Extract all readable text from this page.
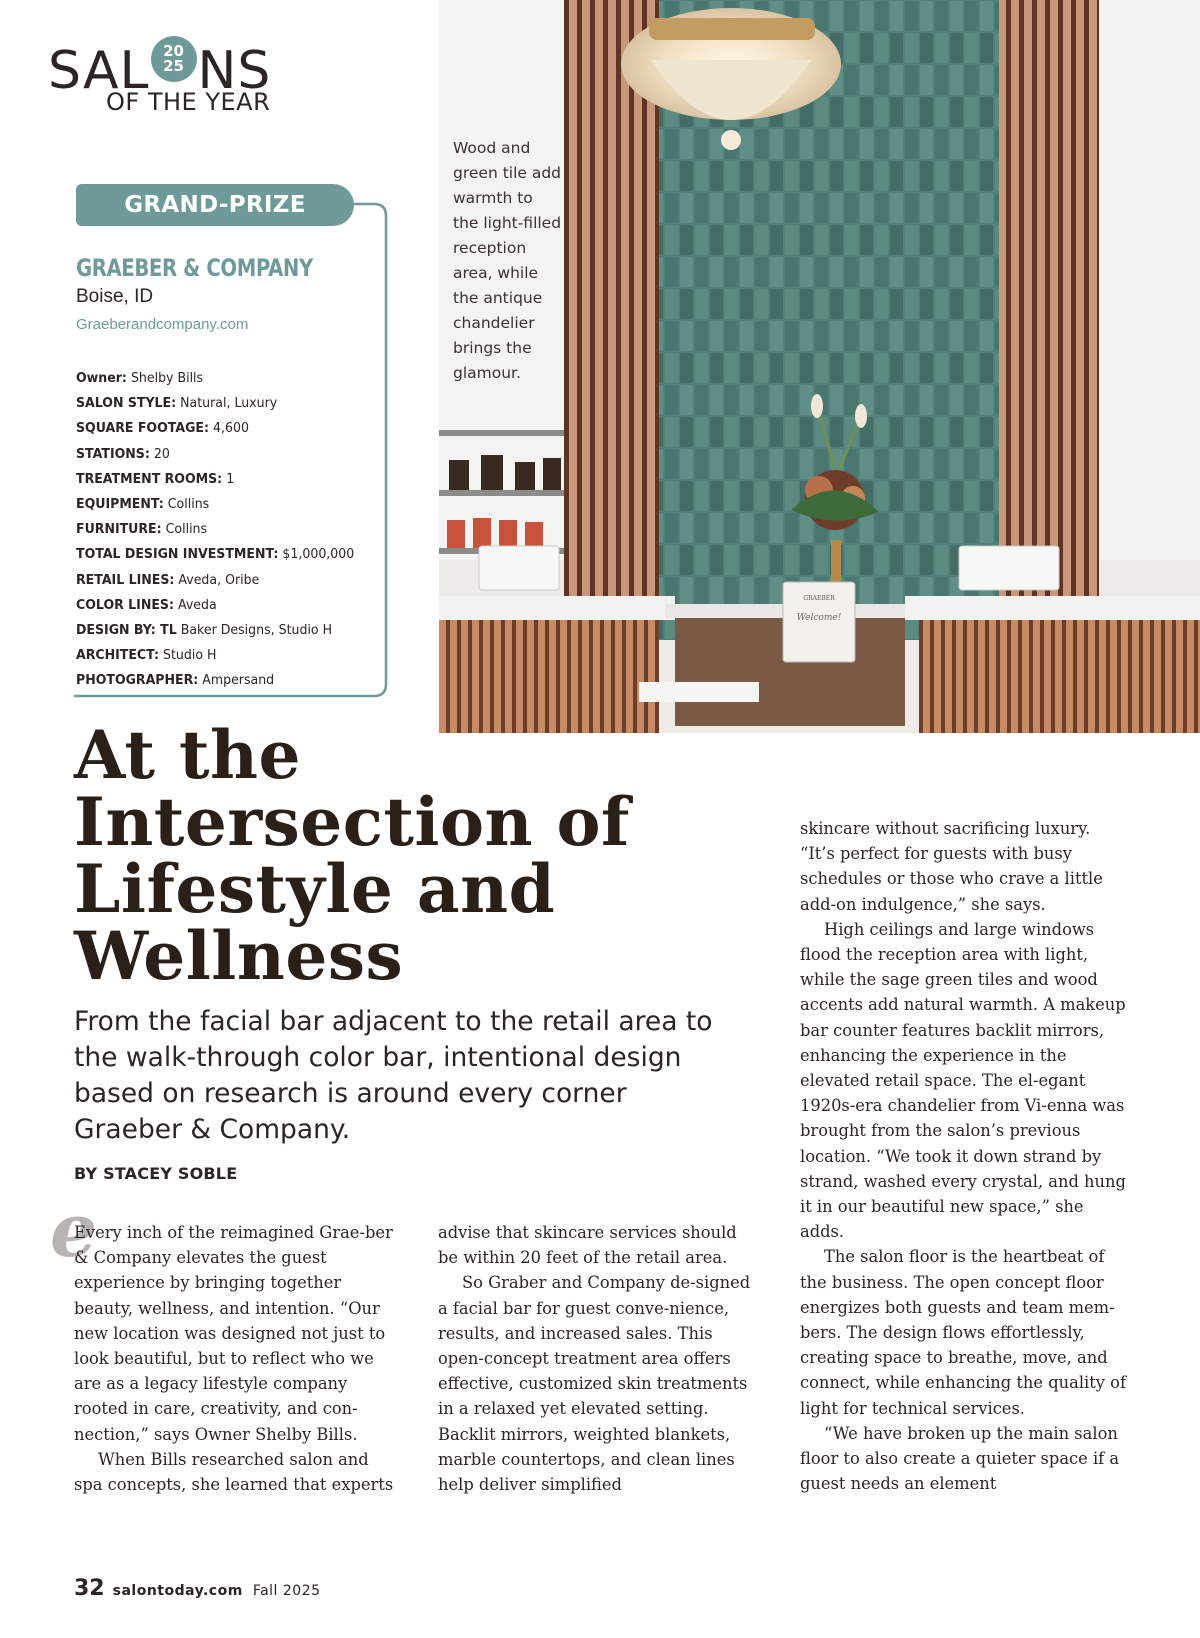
SAL 20
25 NS
OF THE YEAR
GRAND-PRIZE WINNER
GRAEBER & COMPANY
Boise, ID
Graeberandcompany.com
Owner: Shelby Bills
SALON STYLE: Natural, Luxury
SQUARE FOOTAGE: 4,600
STATIONS: 20
TREATMENT ROOMS: 1
EQUIPMENT: Collins
FURNITURE: Collins
TOTAL DESIGN INVESTMENT: $1,000,000
RETAIL LINES: Aveda, Oribe
COLOR LINES: Aveda
DESIGN BY: TL Baker Designs, Studio H
ARCHITECT: Studio H
PHOTOGRAPHER: Ampersand
GRAEBER
Welcome!
Wood and green tile add warmth to the light-filled reception area, while the antique chandelier brings the glamour.
At the Intersection of Lifestyle and Wellness

From the facial bar adjacent to the retail area to the walk-through color bar, intentional design based on research is around every corner Graeber & Company.

BY STACEY SOBLE
e

Every inch of the reimagined Grae-ber & Company elevates the guest experience by bringing together beauty, wellness, and intention. “Our new location was designed not just to look beautiful, but to reflect who we are as a legacy lifestyle company rooted in care, creativity, and con-nection,” says Owner Shelby Bills.

When Bills researched salon and spa concepts, she learned that experts

advise that skincare services should be within 20 feet of the retail area.

So Graber and Company de-signed a facial bar for guest conve-nience, results, and increased sales. This open-concept treatment area offers effective, customized skin treatments in a relaxed yet elevated setting. Backlit mirrors, weighted blankets, marble countertops, and clean lines help deliver simplified

skincare without sacrificing luxury. “It’s perfect for guests with busy schedules or those who crave a little add-on indulgence,” she says.

High ceilings and large windows flood the reception area with light, while the sage green tiles and wood accents add natural warmth. A makeup bar counter features backlit mirrors, enhancing the experience in the elevated retail space. The el-egant 1920s-era chandelier from Vi-enna was brought from the salon’s previous location. “We took it down strand by strand, washed every crystal, and hung it in our beautiful new space,” she adds.

The salon floor is the heartbeat of the business. The open concept floor energizes both guests and team mem-bers. The design flows effortlessly, creating space to breathe, move, and connect, while enhancing the quality of light for technical services.

“We have broken up the main salon floor to also create a quieter space if a guest needs an element

32 salontoday.com Fall 2025
